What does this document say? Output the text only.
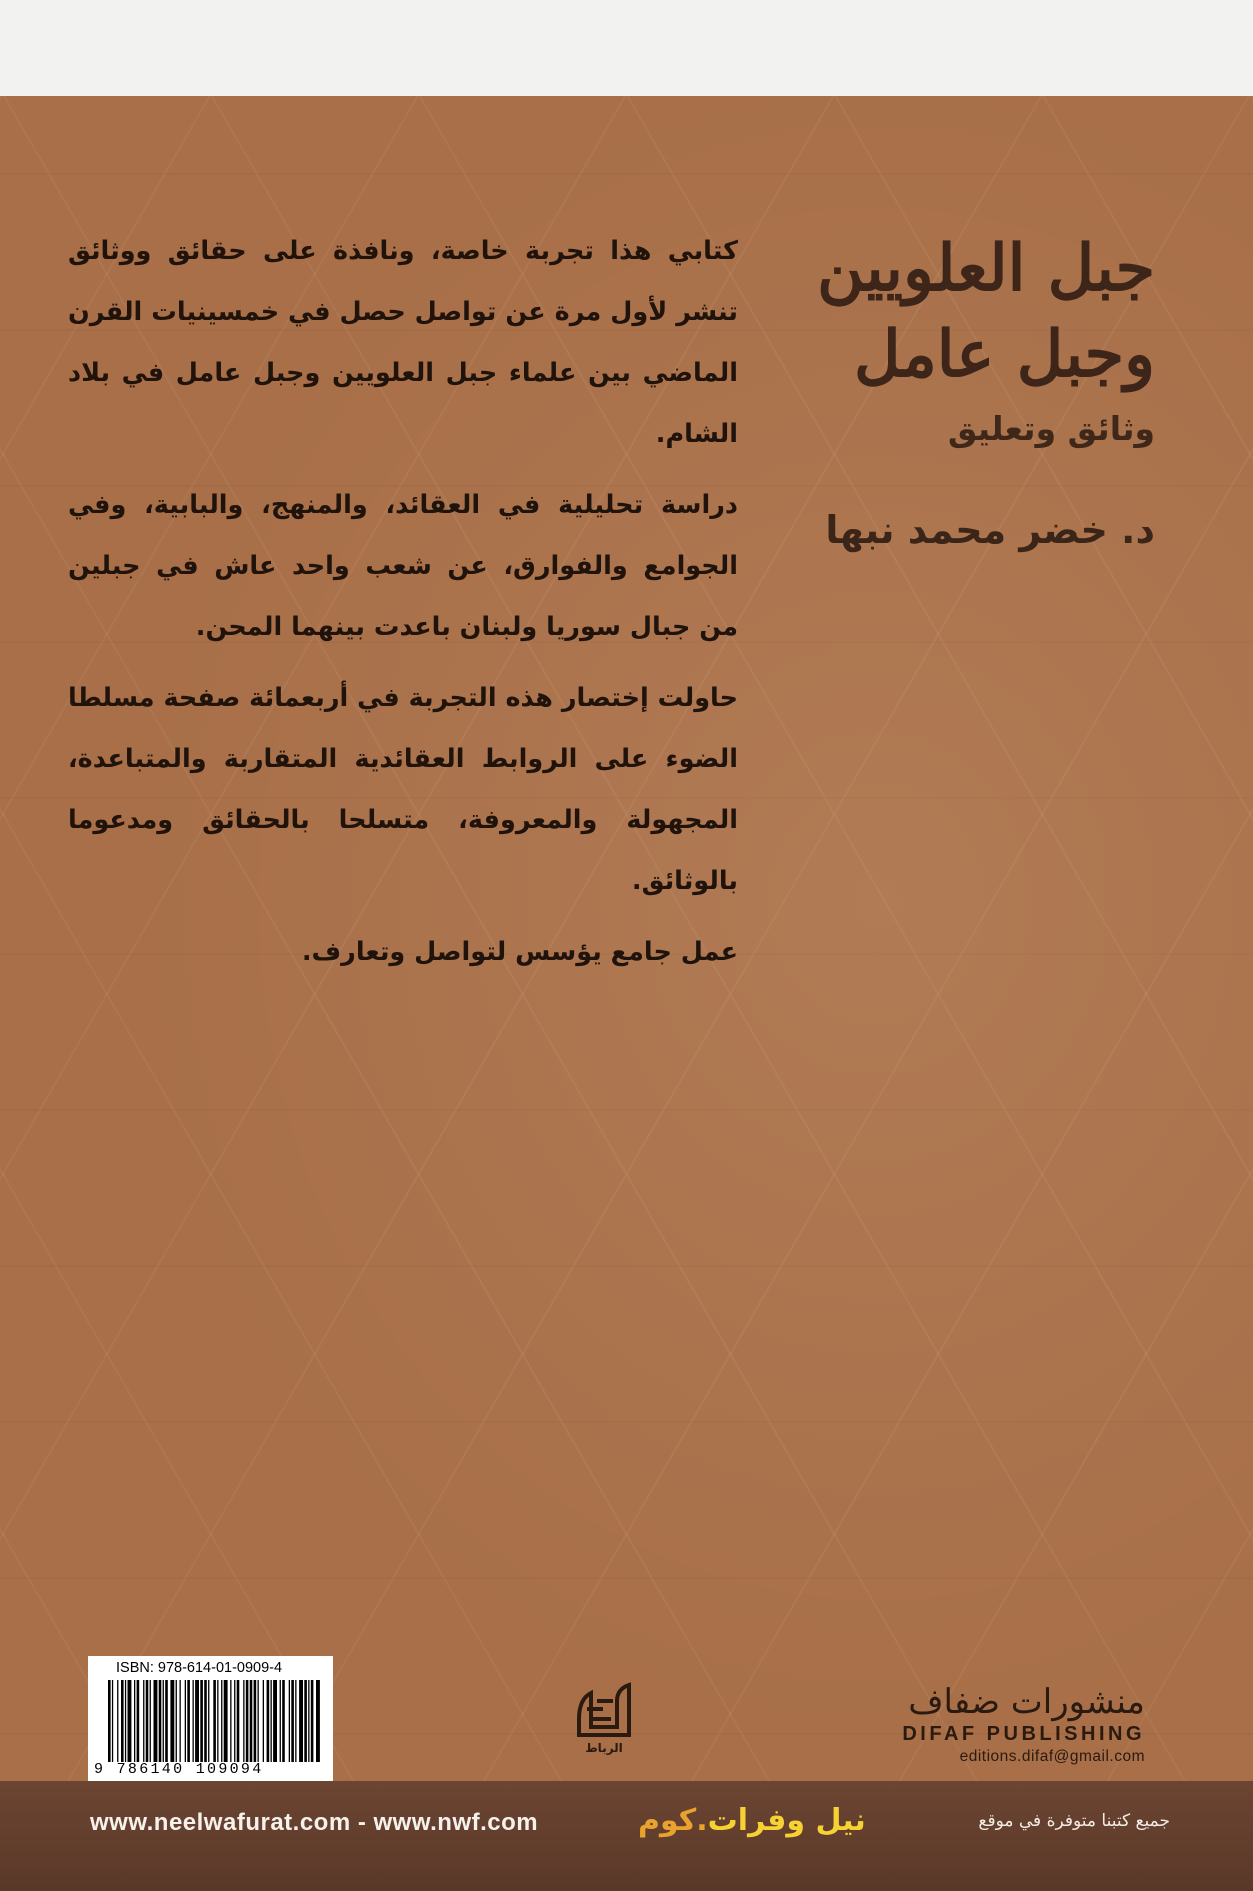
جبل العلويين
وجبل عامل
وثائق وتعليق
د. خضر محمد نبها

كتابي هذا تجربة خاصة، ونافذة على حقائق ووثائق تنشر لأول مرة عن تواصل حصل في خمسينيات القرن الماضي بين علماء جبل العلويين وجبل عامل في بلاد الشام.

دراسة تحليلية في العقائد، والمنهج، والبابية، وفي الجوامع والفوارق، عن شعب واحد عاش في جبلين من جبال سوريا ولبنان باعدت بينهما المحن.

حاولت إختصار هذه التجربة في أربعمائة صفحة مسلطا الضوء على الروابط العقائدية المتقاربة والمتباعدة، المجهولة والمعروفة، متسلحا بالحقائق ومدعوما بالوثائق.

عمل جامع يؤسس لتواصل وتعارف.

ISBN: 978-614-01-0909-4
9 786140 109094
الرباط
منشورات ضفاف
DIFAF PUBLISHING
editions.difaf@gmail.com
www.neelwafurat.com - www.nwf.com	نيل وفرات.كوم	جميع كتبنا متوفرة في موقع
